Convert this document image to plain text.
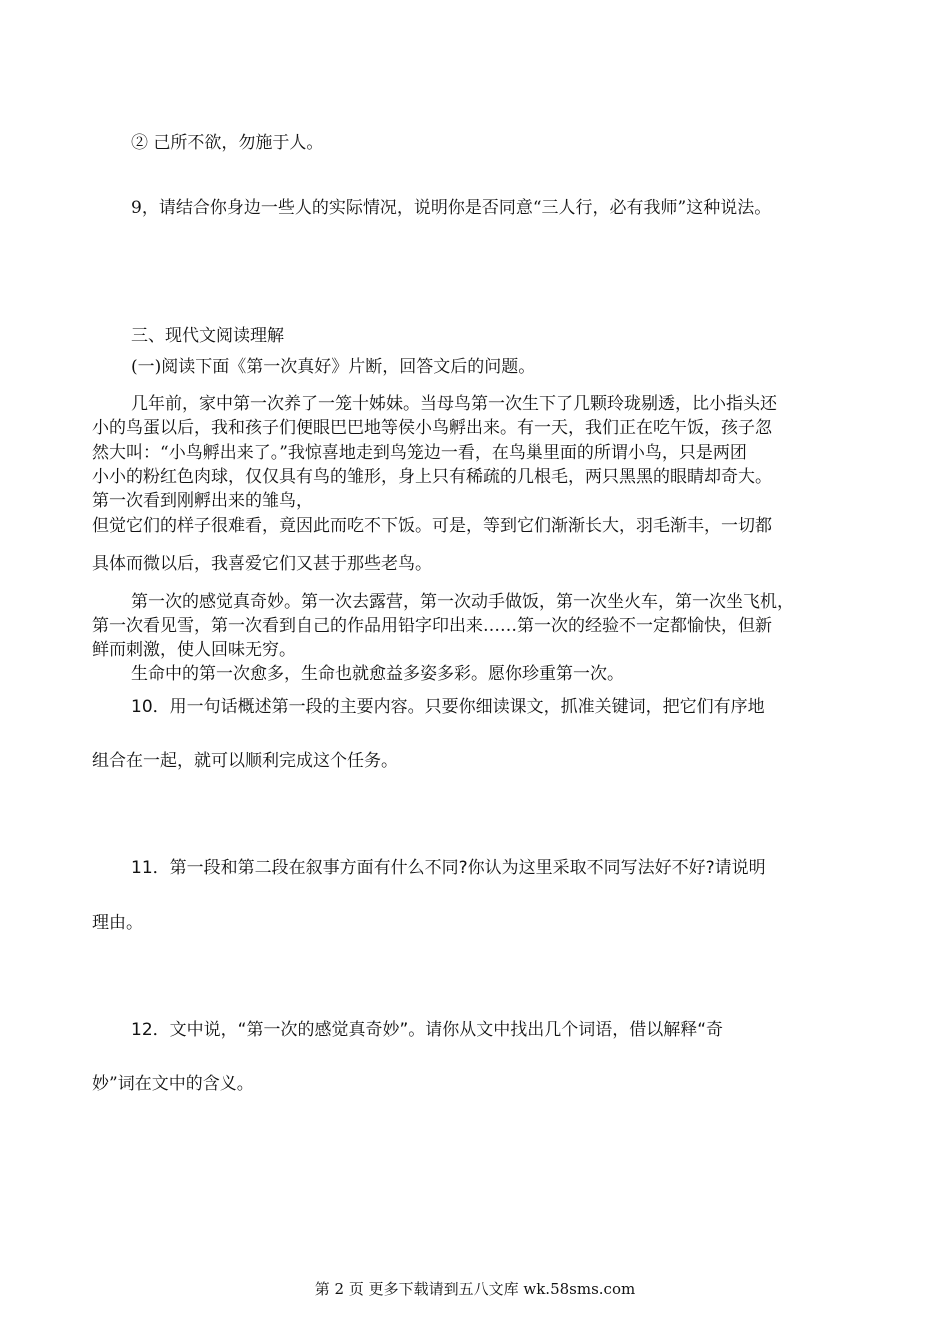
② 己所不欲，勿施于人。
9，请结合你身边一些人的实际情况，说明你是否同意“三人行，必有我师”这种说法。
三、现代文阅读理解
(一)阅读下面《第一次真好》片断，回答文后的问题。
几年前，家中第一次养了一笼十姊妹。当母鸟第一次生下了几颗玲珑剔透，比小指头还
小的鸟蛋以后，我和孩子们便眼巴巴地等侯小鸟孵出来。有一天，我们正在吃午饭，孩子忽
然大叫：“小鸟孵出来了。”我惊喜地走到鸟笼边一看，在鸟巢里面的所谓小鸟，只是两团
小小的粉红色肉球，仅仅具有鸟的雏形，身上只有稀疏的几根毛，两只黑黑的眼睛却奇大。
第一次看到刚孵出来的雏鸟，
但觉它们的样子很难看，竟因此而吃不下饭。可是，等到它们渐渐长大，羽毛渐丰，一切都
具体而微以后，我喜爱它们又甚于那些老鸟。
第一次的感觉真奇妙。第一次去露营，第一次动手做饭，第一次坐火车，第一次坐飞机，
第一次看见雪，第一次看到自己的作品用铅字印出来……第一次的经验不一定都愉快，但新
鲜而刺激，使人回味无穷。
生命中的第一次愈多，生命也就愈益多姿多彩。愿你珍重第一次。
10．用一句话概述第一段的主要内容。只要你细读课文，抓准关键词，把它们有序地
组合在一起，就可以顺利完成这个任务。
11．第一段和第二段在叙事方面有什么不同?你认为这里采取不同写法好不好?请说明
理由。
12．文中说，“第一次的感觉真奇妙”。请你从文中找出几个词语，借以解释“奇
妙”词在文中的含义。
第 2 页 更多下载请到五八文库 wk.58sms.com
